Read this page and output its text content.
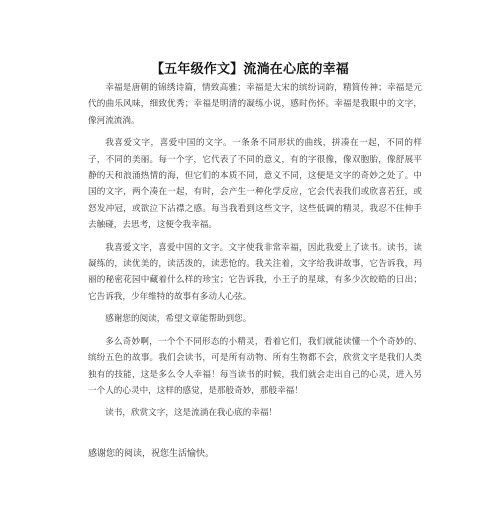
【五年级作文】流淌在心底的幸福

幸福是唐朝的锦绣诗篇，情致高雅；幸福是大宋的缤纷词韵，精简传神；幸福是元代的曲乐风味，细致优秀；幸福是明清的凝练小说，感时伤怀。幸福是我眼中的文字，像河流流淌。

我喜爱文字，喜爱中国的文字。一条条不同形状的曲线，拼凑在一起，不同的样子，不同的美丽。每一个字，它代表了不同的意义，有的字很像，像双胞胎，像舒展平静的天和浪涌热情的海，但它们的本质不同，意义不同，这便是文字的奇妙之处了。中国的文字，两个凑在一起，有时，会产生一种化学反应，它会代表我们或欣喜若狂，或怒发冲冠，或欲泣下沾襟之感。每当我看到这些文字，这些低调的精灵，我忍不住伸手去触碰，去思考，这便令我幸福。

我喜爱文字，喜爱中国的文字。文字使我非常幸福，因此我爱上了读书。读书，读凝练的，读优美的，读活泼的，读悲怆的。我关注着，文字给我讲故事，它告诉我，玛丽的秘密花园中藏着什么样的珍宝；它告诉我，小王子的星球，有多少次皎皓的日出；它告诉我，少年维特的故事有多动人心弦。

感谢您的阅读，希望文章能帮助到您。

多么奇妙啊，一个个不同形态的小精灵，看着它们，我们就能读懂一个个奇妙的、缤纷五色的故事。我们会读书，可是所有动物、所有生物都不会，欣赏文字是我们人类独有的技能，这是多么令人幸福！每当读书的时候，我们就会走出自己的心灵，进入另一个人的心灵中，这样的感觉，是那般奇妙，那般幸福！

读书，欣赏文字，这是流淌在我心底的幸福！

感谢您的阅读，祝您生活愉快。
